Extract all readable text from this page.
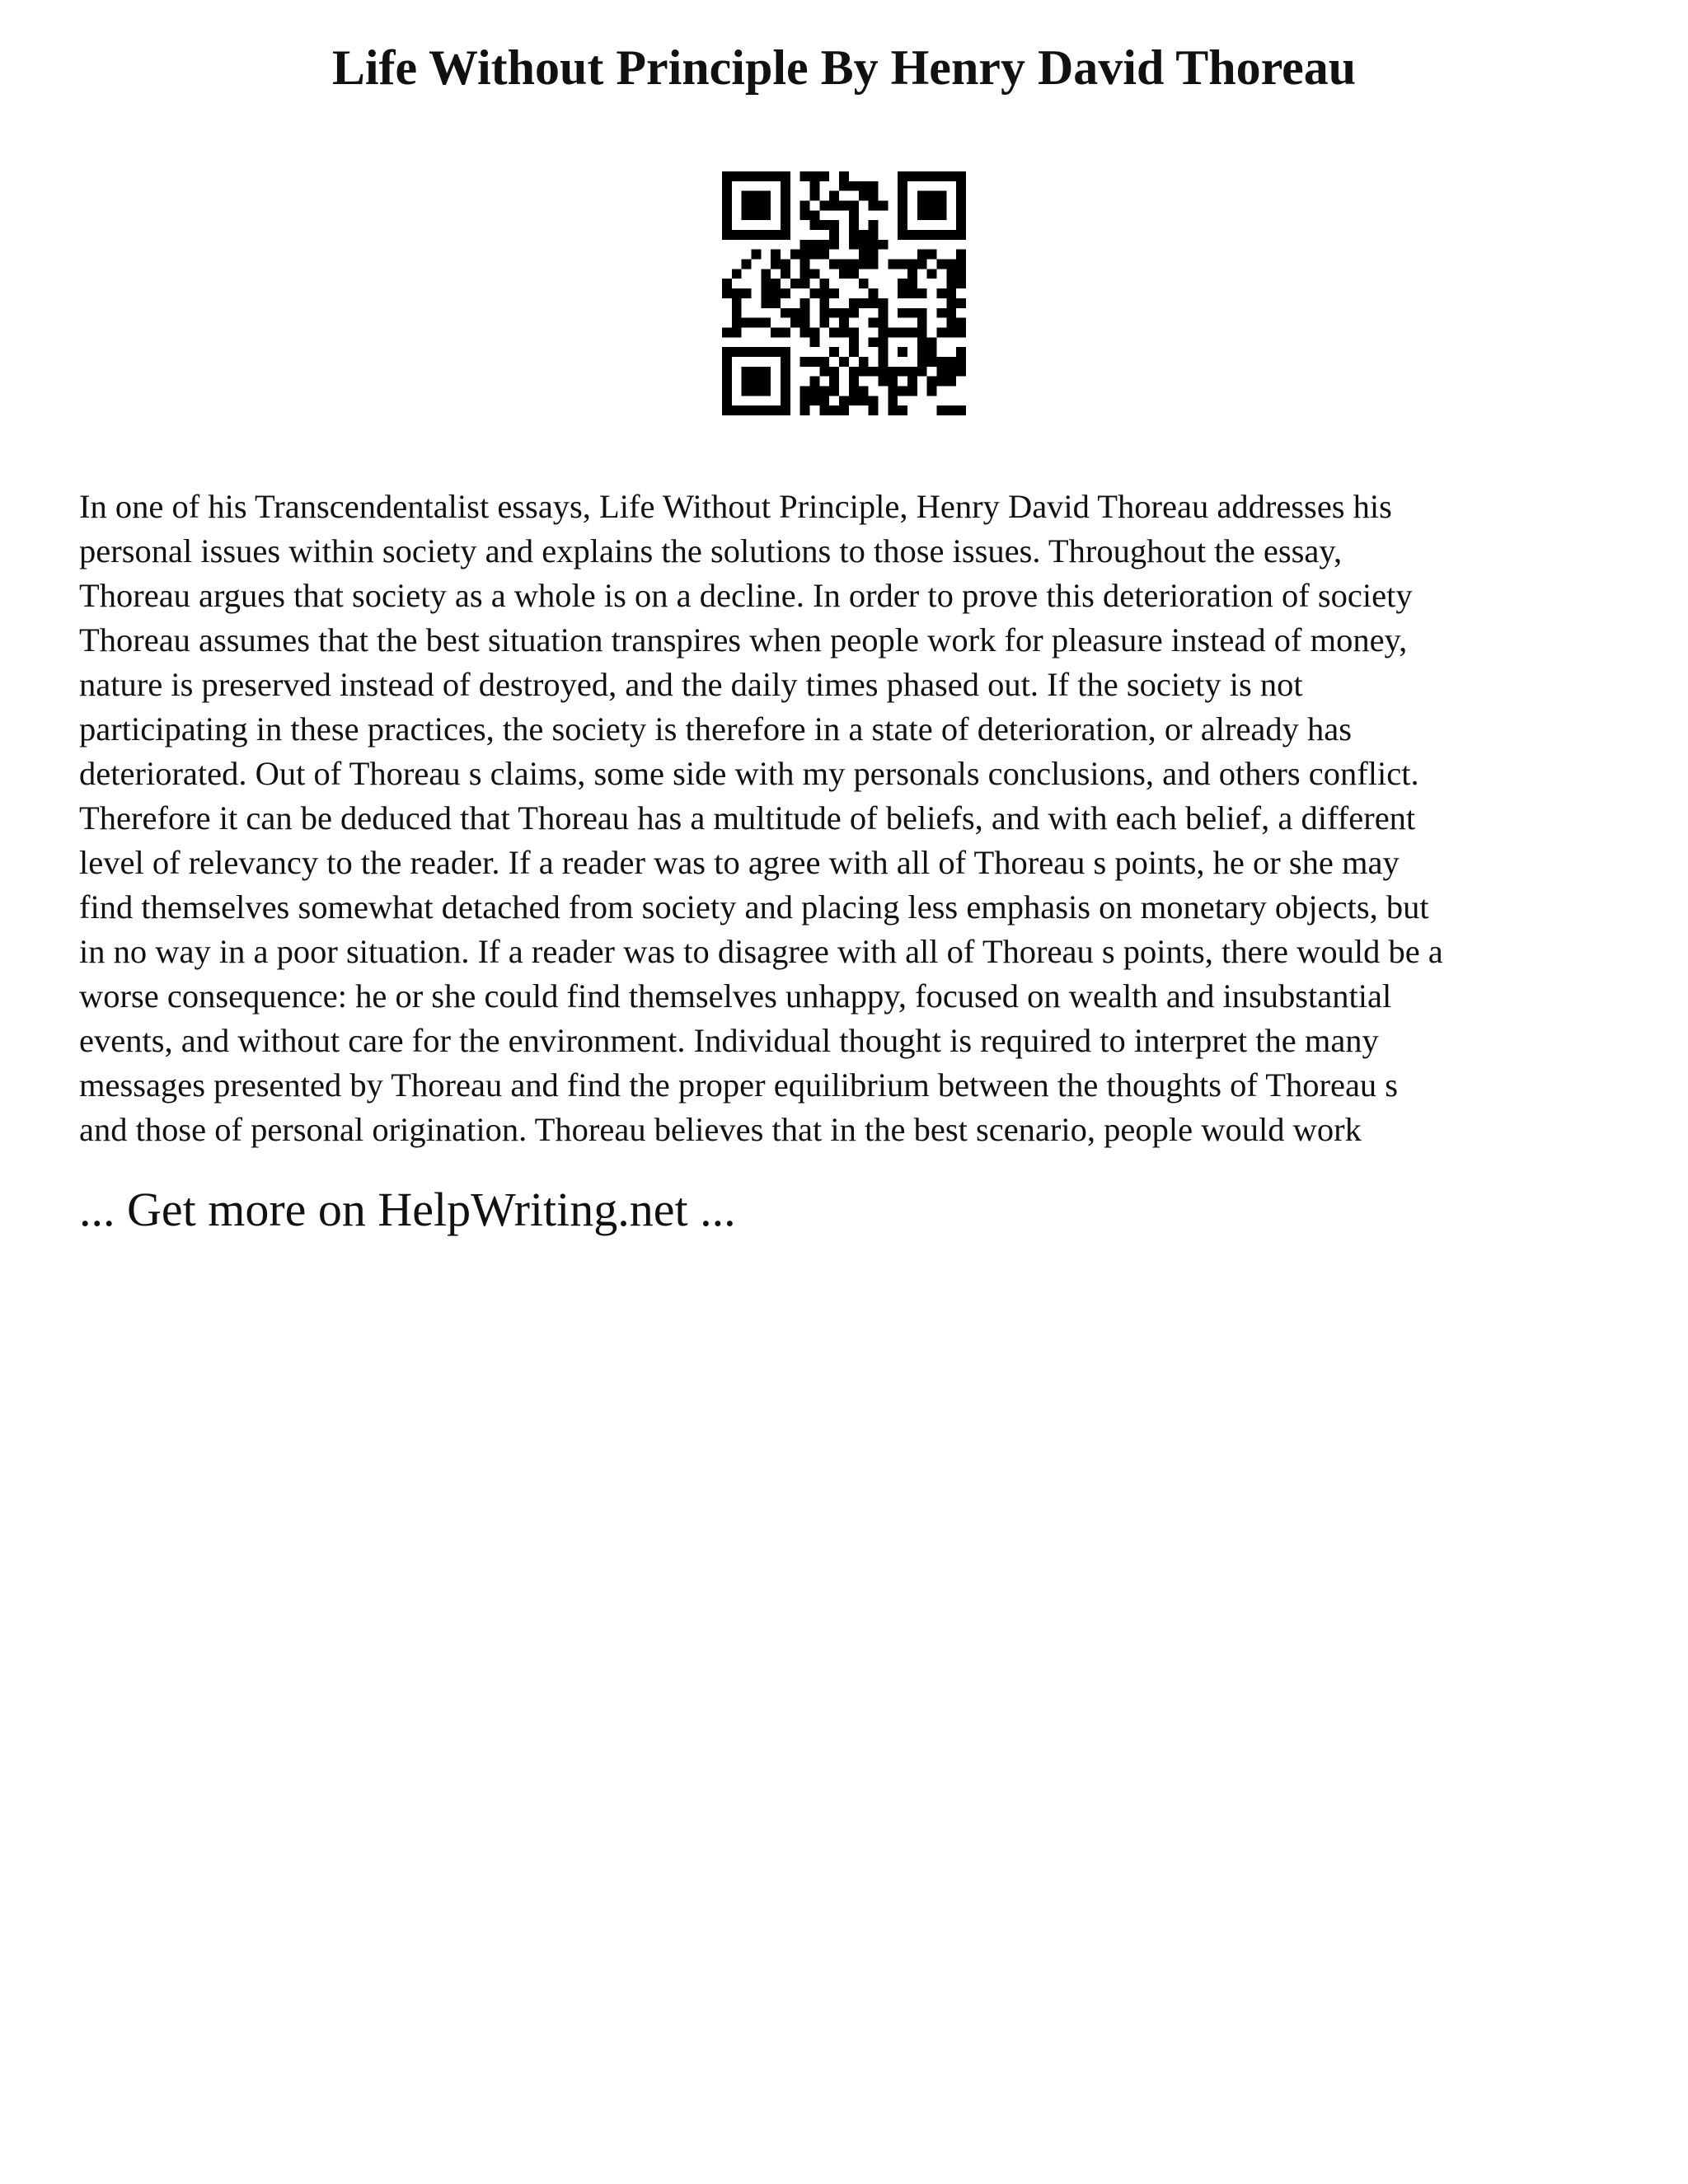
Life Without Principle By Henry David Thoreau

In one of his Transcendentalist essays, Life Without Principle, Henry David Thoreau addresses his
personal issues within society and explains the solutions to those issues. Throughout the essay,
Thoreau argues that society as a whole is on a decline. In order to prove this deterioration of society
Thoreau assumes that the best situation transpires when people work for pleasure instead of money,
nature is preserved instead of destroyed, and the daily times phased out. If the society is not
participating in these practices, the society is therefore in a state of deterioration, or already has
deteriorated. Out of Thoreau s claims, some side with my personals conclusions, and others conflict.
Therefore it can be deduced that Thoreau has a multitude of beliefs, and with each belief, a different
level of relevancy to the reader. If a reader was to agree with all of Thoreau s points, he or she may
find themselves somewhat detached from society and placing less emphasis on monetary objects, but
in no way in a poor situation. If a reader was to disagree with all of Thoreau s points, there would be a
worse consequence: he or she could find themselves unhappy, focused on wealth and insubstantial
events, and without care for the environment. Individual thought is required to interpret the many
messages presented by Thoreau and find the proper equilibrium between the thoughts of Thoreau s
and those of personal origination. Thoreau believes that in the best scenario, people would work

... Get more on HelpWriting.net ...
